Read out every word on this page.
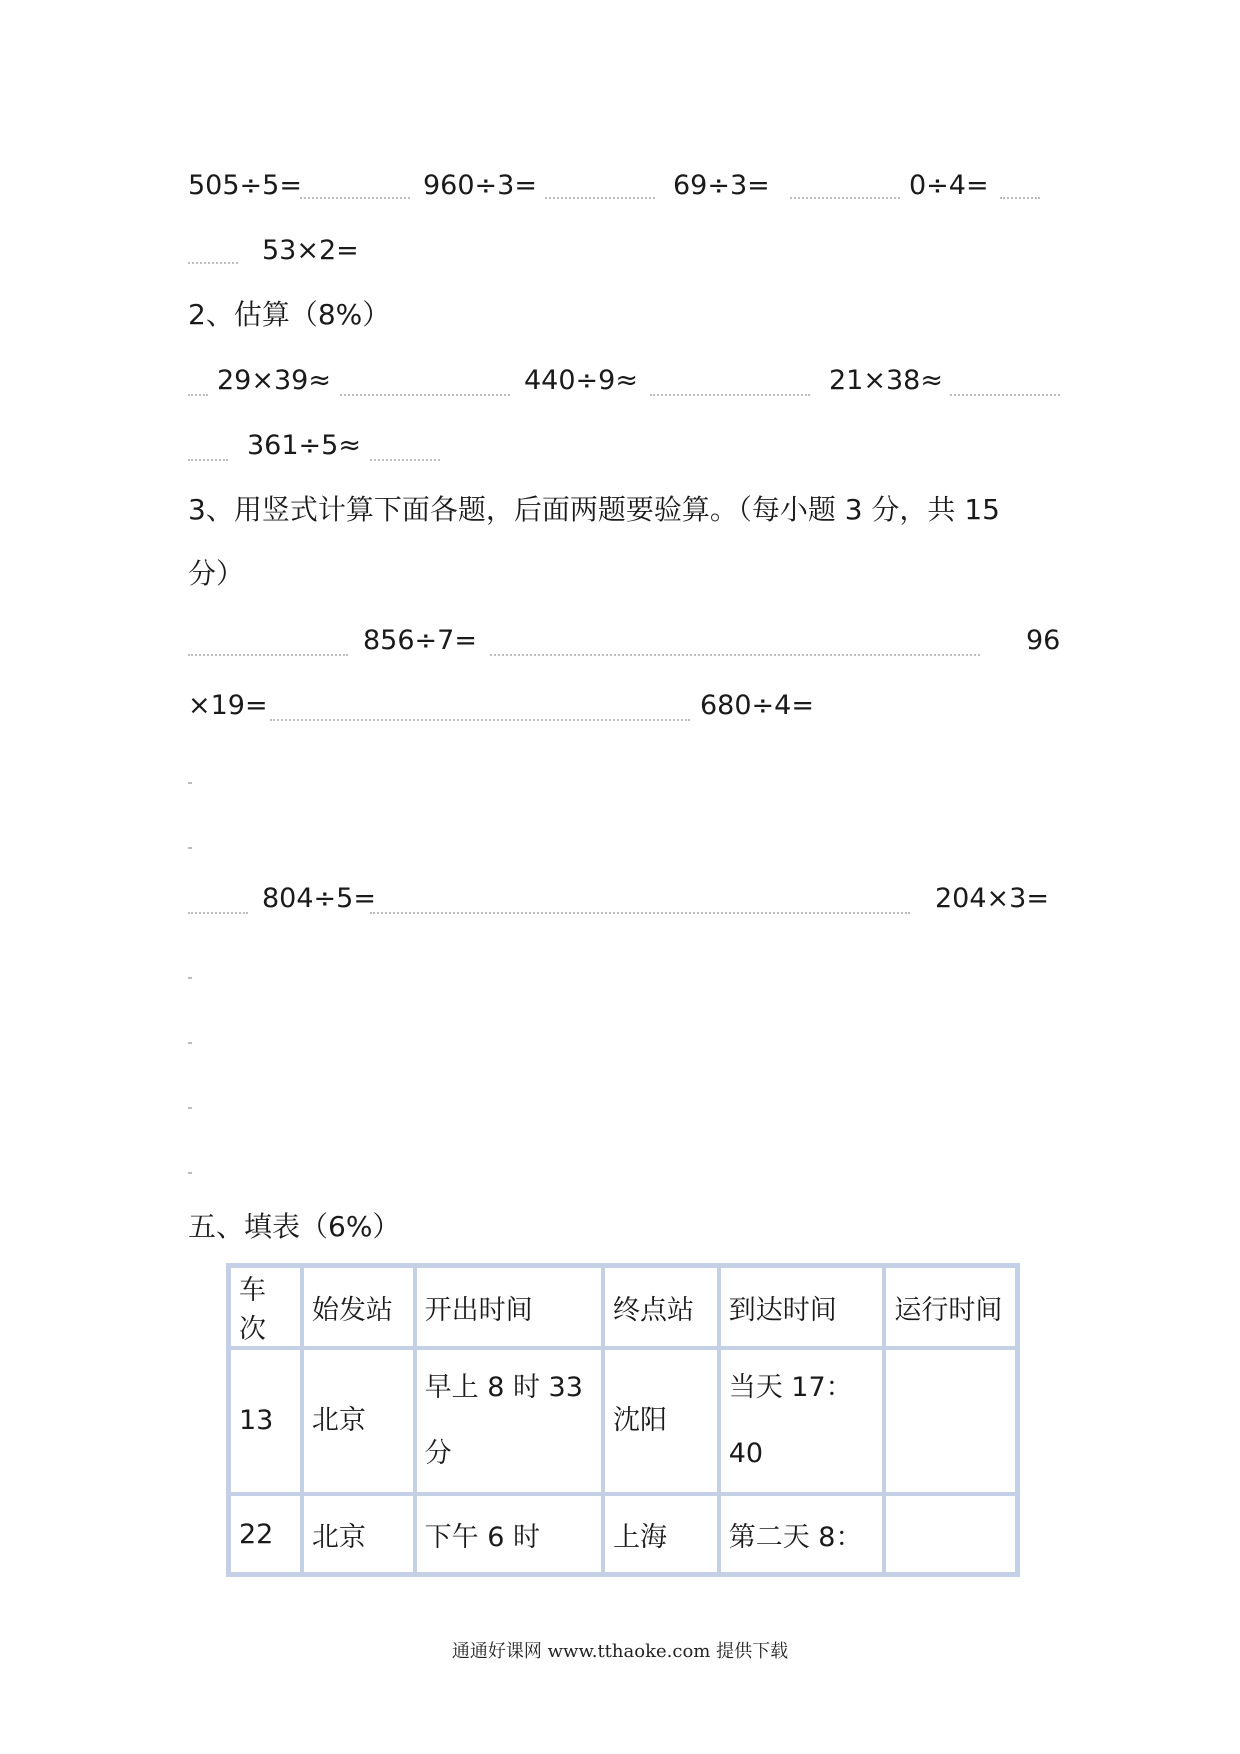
505÷5=	960÷3=	69÷3=	0÷4=
53×2=
2、估算（8%）
29×39≈	440÷9≈	21×38≈
361÷5≈
3、用竖式计算下面各题，后面两题要验算。（每小题 3 分，共 15
分）
856÷7=	96
×19=	680÷4=
804÷5=	204×3=
五、填表（6%）
车次	始发站	开出时间	终点站	到达时间	运行时间
13	北京	早上 8 时 33 分	沈阳	当天 17：40	
22	北京	下午 6 时	上海	第二天 8：	
通通好课网 www.tthaoke.com 提供下载
